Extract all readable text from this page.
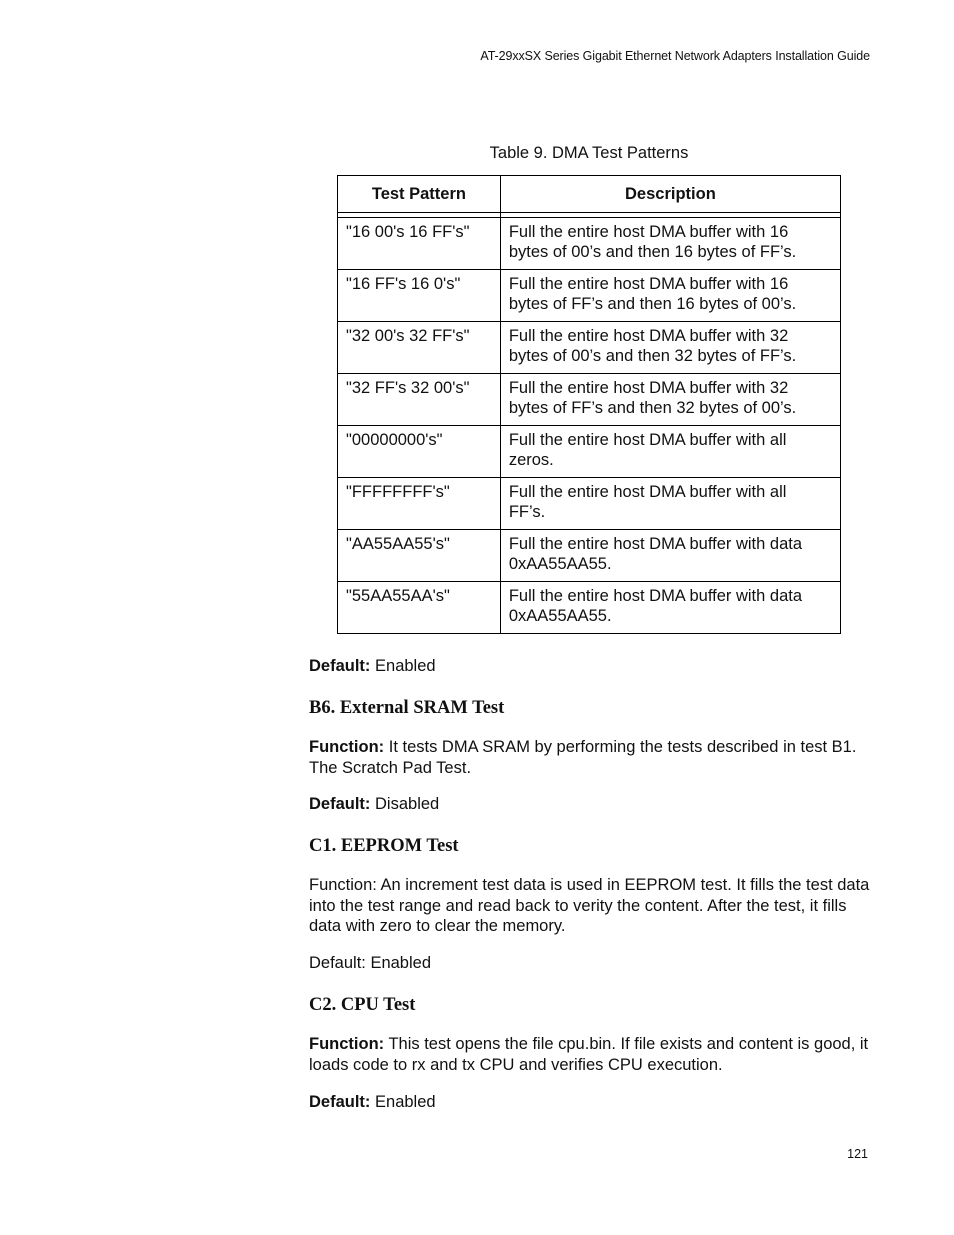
AT-29xxSX Series Gigabit Ethernet Network Adapters Installation Guide
Table 9. DMA Test Patterns
Test Pattern	Description

"16 00's 16 FF's"	Full the entire host DMA buffer with 16
bytes of 00’s and then 16 bytes of FF’s.
"16 FF's 16 0's"	Full the entire host DMA buffer with 16
bytes of FF’s and then 16 bytes of 00’s.
"32 00's 32 FF's"	Full the entire host DMA buffer with 32
bytes of 00’s and then 32 bytes of FF’s.
"32 FF's 32 00's"	Full the entire host DMA buffer with 32
bytes of FF’s and then 32 bytes of 00’s.
"00000000's"	Full the entire host DMA buffer with all
zeros.
"FFFFFFFF's"	Full the entire host DMA buffer with all
FF’s.
"AA55AA55's"	Full the entire host DMA buffer with data
0xAA55AA55.
"55AA55AA's"	Full the entire host DMA buffer with data
0xAA55AA55.
Default: Enabled
B6. External SRAM Test
Function: It tests DMA SRAM by performing the tests described in test B1. The Scratch Pad Test.
Default: Disabled
C1. EEPROM Test
Function: An increment test data is used in EEPROM test. It fills the test data into the test range and read back to verity the content. After the test, it fills data with zero to clear the memory.
Default: Enabled
C2. CPU Test
Function: This test opens the file cpu.bin. If file exists and content is good, it loads code to rx and tx CPU and verifies CPU execution.
Default: Enabled
121
